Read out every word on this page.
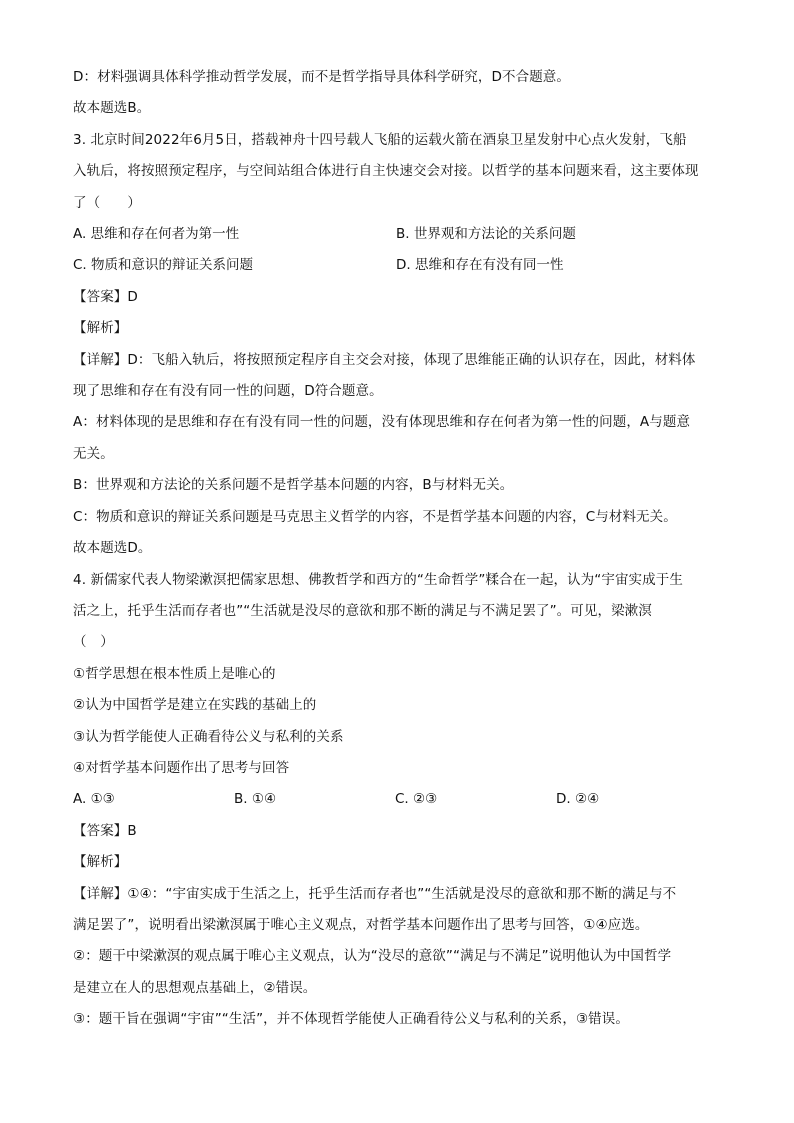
D：材料强调具体科学推动哲学发展，而不是哲学指导具体科学研究，D不合题意。
故本题选B。
3. 北京时间2022年6月5日，搭载神舟十四号载人飞船的运载火箭在酒泉卫星发射中心点火发射，飞船
入轨后，将按照预定程序，与空间站组合体进行自主快速交会对接。以哲学的基本问题来看，这主要体现
了（　　）
A. 思维和存在何者为第一性	B. 世界观和方法论的关系问题
C. 物质和意识的辩证关系问题	D. 思维和存在有没有同一性
【答案】D
【解析】
【详解】D：飞船入轨后，将按照预定程序自主交会对接，体现了思维能正确的认识存在，因此，材料体
现了思维和存在有没有同一性的问题，D符合题意。
A：材料体现的是思维和存在有没有同一性的问题，没有体现思维和存在何者为第一性的问题，A与题意
无关。
B：世界观和方法论的关系问题不是哲学基本问题的内容，B与材料无关。
C：物质和意识的辩证关系问题是马克思主义哲学的内容，不是哲学基本问题的内容，C与材料无关。
故本题选D。
4. 新儒家代表人物梁漱溟把儒家思想、佛教哲学和西方的“生命哲学”糅合在一起，认为“宇宙实成于生
活之上，托乎生活而存者也”“生活就是没尽的意欲和那不断的满足与不满足罢了”。可见，梁漱溟
（　）
①哲学思想在根本性质上是唯心的
②认为中国哲学是建立在实践的基础上的
③认为哲学能使人正确看待公义与私利的关系
④对哲学基本问题作出了思考与回答
A. ①③	B. ①④	C. ②③	D. ②④
【答案】B
【解析】
【详解】①④：“宇宙实成于生活之上，托乎生活而存者也”“生活就是没尽的意欲和那不断的满足与不
满足罢了”，说明看出梁漱溟属于唯心主义观点，对哲学基本问题作出了思考与回答，①④应选。
②：题干中梁漱溟的观点属于唯心主义观点，认为“没尽的意欲”“满足与不满足”说明他认为中国哲学
是建立在人的思想观点基础上，②错误。
③：题干旨在强调“宇宙”“生活”，并不体现哲学能使人正确看待公义与私利的关系，③错误。
